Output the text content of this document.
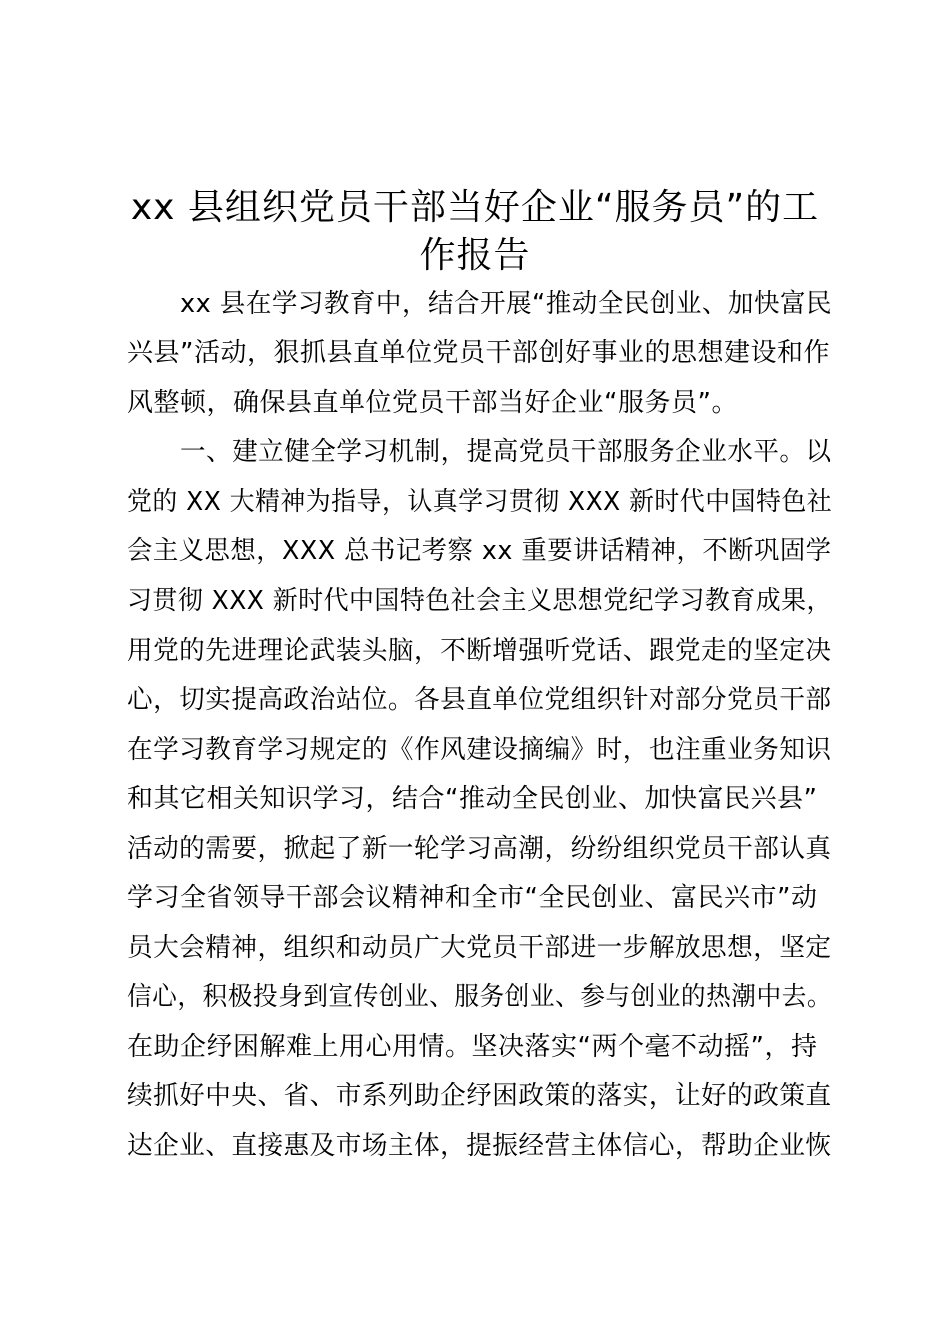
xx 县组织党员干部当好企业“服务员”的工
作报告

xx 县在学习教育中，结合开展“推动全民创业、加快富民

兴县”活动，狠抓县直单位党员干部创好事业的思想建设和作

风整顿，确保县直单位党员干部当好企业“服务员”。

一、建立健全学习机制，提高党员干部服务企业水平。以

党的 XX 大精神为指导，认真学习贯彻 XXX 新时代中国特色社

会主义思想，XXX 总书记考察 xx 重要讲话精神，不断巩固学

习贯彻 XXX 新时代中国特色社会主义思想党纪学习教育成果，

用党的先进理论武装头脑，不断增强听党话、跟党走的坚定决

心，切实提高政治站位。各县直单位党组织针对部分党员干部

在学习教育学习规定的《作风建设摘编》时，也注重业务知识

和其它相关知识学习，结合“推动全民创业、加快富民兴县”

活动的需要，掀起了新一轮学习高潮，纷纷组织党员干部认真

学习全省领导干部会议精神和全市“全民创业、富民兴市”动

员大会精神，组织和动员广大党员干部进一步解放思想，坚定

信心，积极投身到宣传创业、服务创业、参与创业的热潮中去。

在助企纾困解难上用心用情。坚决落实“两个毫不动摇”，持

续抓好中央、省、市系列助企纾困政策的落实，让好的政策直

达企业、直接惠及市场主体，提振经营主体信心，帮助企业恢
